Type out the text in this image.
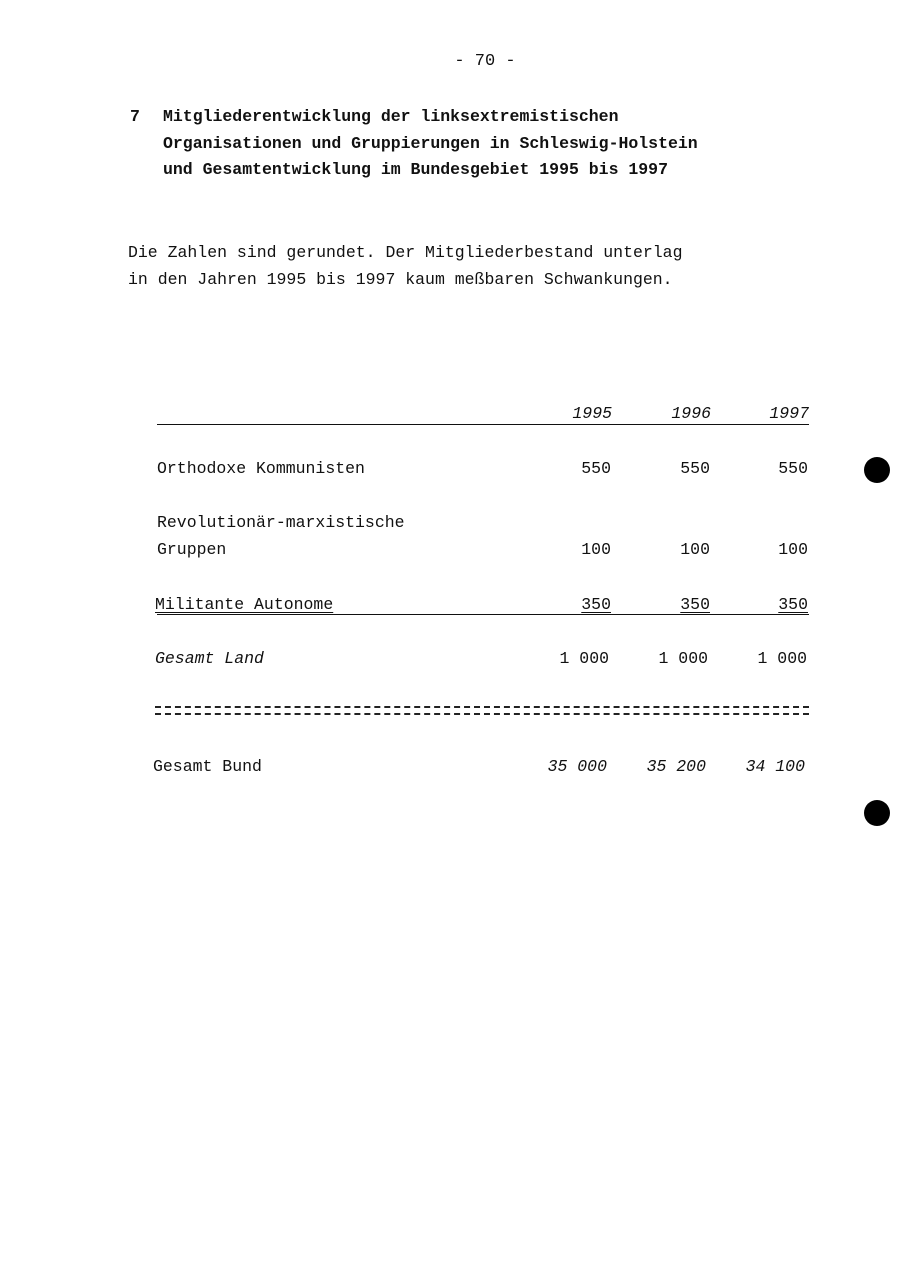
- 70 -
7 Mitgliederentwicklung der linksextremistischen
Organisationen und Gruppierungen in Schleswig-Holstein
und Gesamtentwicklung im Bundesgebiet 1995 bis 1997
Die Zahlen sind gerundet. Der Mitgliederbestand unterlag
in den Jahren 1995 bis 1997 kaum meßbaren Schwankungen.
1995	1996	1997
Orthodoxe Kommunisten	550	550	550
Revolutionär-marxistische
Gruppen	100	100	100
Militante Autonome	350	350	350
Gesamt Land	1 000	1 000	1 000
Gesamt Bund	35 000	35 200	34 100
